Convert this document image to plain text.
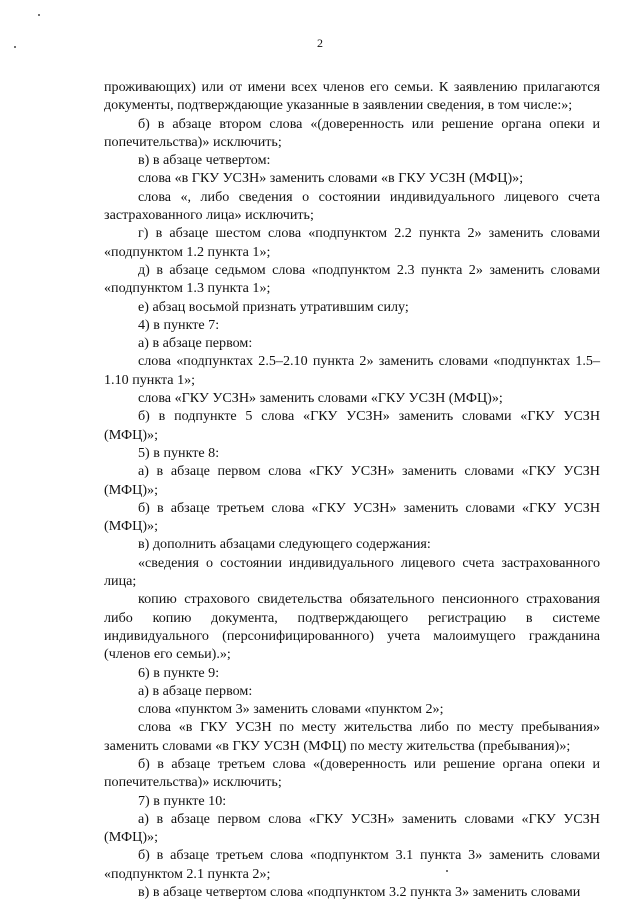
2

проживающих) или от имени всех членов его семьи. К заявлению прилагаются документы, подтверждающие указанные в заявлении сведения, в том числе:»;

б) в абзаце втором слова «(доверенность или решение органа опеки и попечительства)» исключить;

в) в абзаце четвертом:

слова «в ГКУ УСЗН» заменить словами «в ГКУ УСЗН (МФЦ)»;

слова «, либо сведения о состоянии индивидуального лицевого счета застрахованного лица» исключить;

г) в абзаце шестом слова «подпунктом 2.2 пункта 2» заменить словами «подпунктом 1.2 пункта 1»;

д) в абзаце седьмом слова «подпунктом 2.3 пункта 2» заменить словами «подпунктом 1.3 пункта 1»;

е) абзац восьмой признать утратившим силу;

4) в пункте 7:

а) в абзаце первом:

слова «подпунктах 2.5–2.10 пункта 2» заменить словами «подпунктах 1.5–1.10 пункта 1»;

слова «ГКУ УСЗН» заменить словами «ГКУ УСЗН (МФЦ)»;

б) в подпункте 5 слова «ГКУ УСЗН» заменить словами «ГКУ УСЗН (МФЦ)»;

5) в пункте 8:

а) в абзаце первом слова «ГКУ УСЗН» заменить словами «ГКУ УСЗН (МФЦ)»;

б) в абзаце третьем слова «ГКУ УСЗН» заменить словами «ГКУ УСЗН (МФЦ)»;

в) дополнить абзацами следующего содержания:

«сведения о состоянии индивидуального лицевого счета застрахованного лица;

копию страхового свидетельства обязательного пенсионного страхования либо копию документа, подтверждающего регистрацию в системе индивидуального (персонифицированного) учета малоимущего гражданина (членов его семьи).»;

6) в пункте 9:

а) в абзаце первом:

слова «пунктом 3» заменить словами «пунктом 2»;

слова «в ГКУ УСЗН по месту жительства либо по месту пребывания» заменить словами «в ГКУ УСЗН (МФЦ) по месту жительства (пребывания)»;

б) в абзаце третьем слова «(доверенность или решение органа опеки и попечительства)» исключить;

7) в пункте 10:

а) в абзаце первом слова «ГКУ УСЗН» заменить словами «ГКУ УСЗН (МФЦ)»;

б) в абзаце третьем слова «подпунктом 3.1 пункта 3» заменить словами «подпунктом 2.1 пункта 2»;

в) в абзаце четвертом слова «подпунктом 3.2 пункта 3» заменить словами
